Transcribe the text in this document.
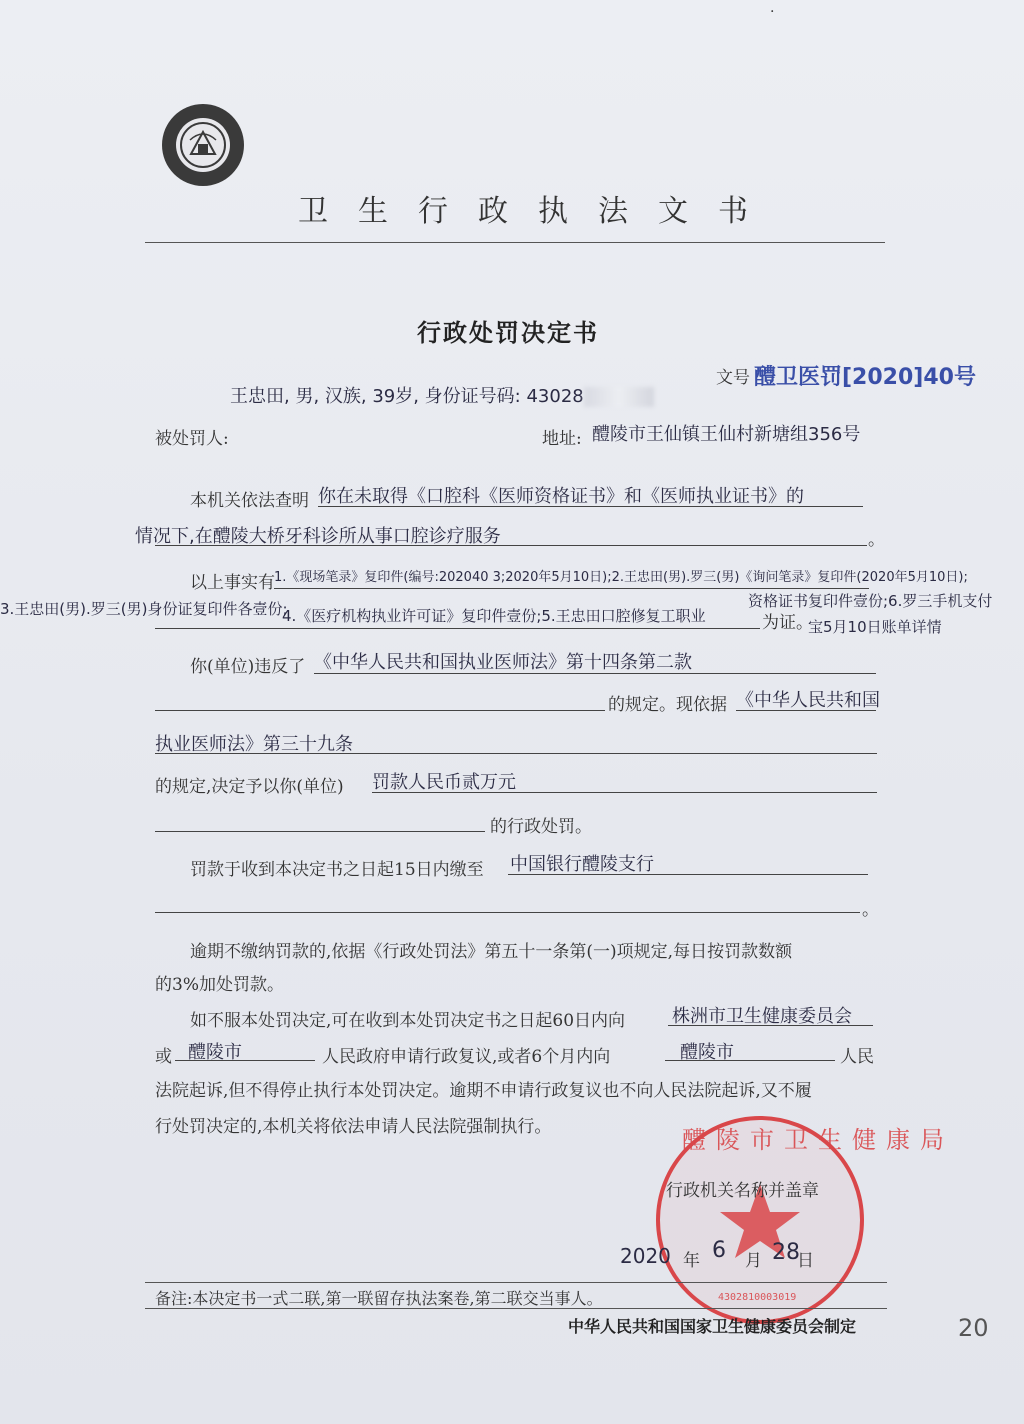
.
卫生行政执法文书
行政处罚决定书
文号 醴卫医罚[2020]40号
王忠田, 男, 汉族, 39岁, 身份证号码: 43028
被处罚人:	地址: 醴陵市王仙镇王仙村新塘组356号
本机关依法查明 你在未取得《口腔科《医师资格证书》和《医师执业证书》的
情况下,在醴陵大桥牙科诊所从事口腔诊疗服务	。
以上事实有 1.《现场笔录》复印件(编号:202040 3;2020年5月10日);2.王忠田(男).罗三(男)《询问笔录》复印件(2020年5月10日);
3.王忠田(男).罗三(男)身份证复印件各壹份;	资格证书复印件壹份;6.罗三手机支付
4.《医疗机构执业许可证》复印件壹份;5.王忠田口腔修复工职业	为证。
宝5月10日账单详情
你(单位)违反了 《中华人民共和国执业医师法》第十四条第二款
的规定。现依据 《中华人民共和国
执业医师法》第三十九条
的规定,决定予以你(单位) 罚款人民币贰万元
的行政处罚。
罚款于收到本决定书之日起15日内缴至 中国银行醴陵支行
。
逾期不缴纳罚款的,依据《行政处罚法》第五十一条第(一)项规定,每日按罚款数额
的3%加处罚款。
如不服本处罚决定,可在收到本处罚决定书之日起60日内向	株洲市卫生健康委员会
或 醴陵市	人民政府申请行政复议,或者6个月内向	醴陵市	人民
法院起诉,但不得停止执行本处罚决定。逾期不申请行政复议也不向人民法院起诉,又不履
行处罚决定的,本机关将依法申请人民法院强制执行。	醴陵市卫生健康局
4302810003019
行政机关名称并盖章
2020 年 6 月 28
日
备注:本决定书一式二联,第一联留存执法案卷,第二联交当事人。
中华人民共和国国家卫生健康委员会制定	20
